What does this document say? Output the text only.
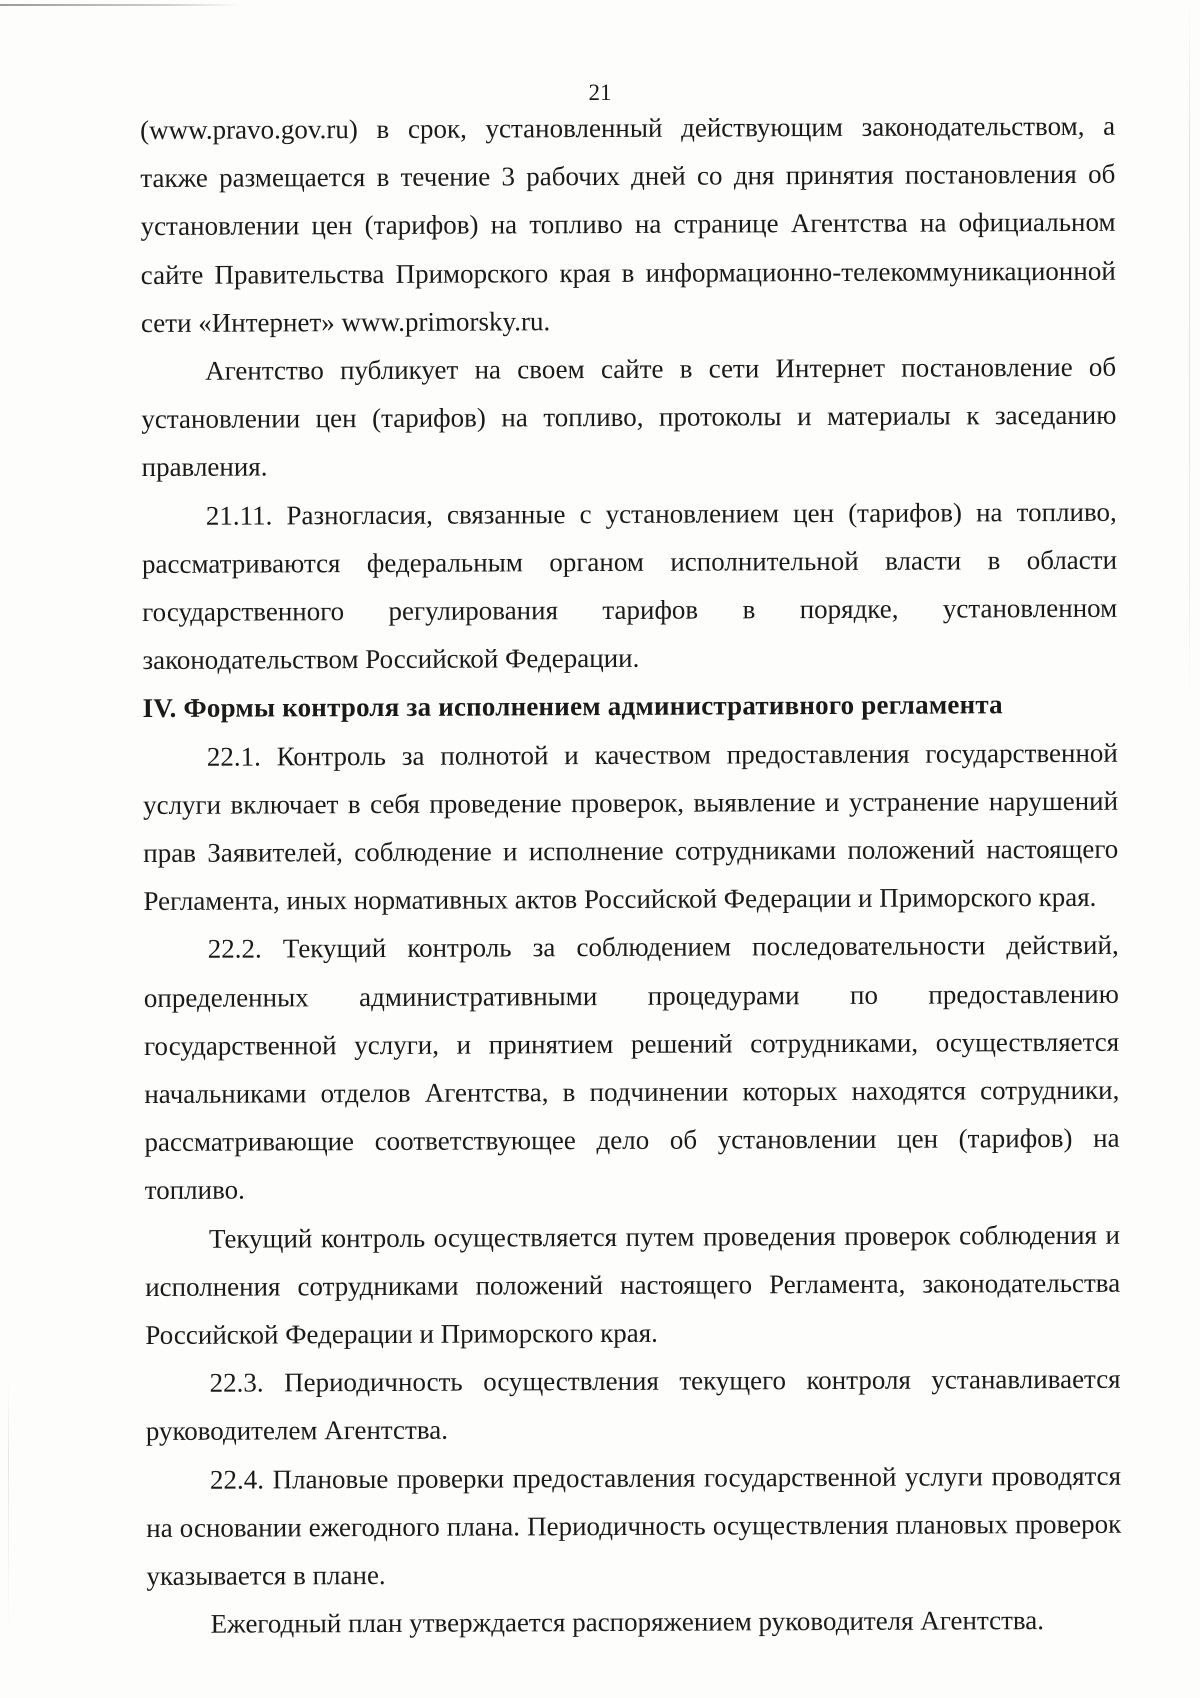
21

(www.pravo.gov.ru) в срок, установленный действующим законодательством, а также размещается в течение 3 рабочих дней со дня принятия постановления об установлении цен (тарифов) на топливо на странице Агентства на официальном сайте Правительства Приморского края в информационно-телекоммуникационной сети «Интернет» www.primorsky.ru.

Агентство публикует на своем сайте в сети Интернет постановление об установлении цен (тарифов) на топливо, протоколы и материалы к заседанию правления.

21.11. Разногласия, связанные с установлением цен (тарифов) на топливо, рассматриваются федеральным органом исполнительной власти в области государственного регулирования тарифов в порядке, установленном законодательством Российской Федерации.

IV. Формы контроля за исполнением административного регламента

22.1. Контроль за полнотой и качеством предоставления государственной услуги включает в себя проведение проверок, выявление и устранение нарушений прав Заявителей, соблюдение и исполнение сотрудниками положений настоящего Регламента, иных нормативных актов Российской Федерации и Приморского края.

22.2. Текущий контроль за соблюдением последовательности действий, определенных административными процедурами по предоставлению государственной услуги, и принятием решений сотрудниками, осуществляется начальниками отделов Агентства, в подчинении которых находятся сотрудники, рассматривающие соответствующее дело об установлении цен (тарифов) на топливо.

Текущий контроль осуществляется путем проведения проверок соблюдения и исполнения сотрудниками положений настоящего Регламента, законодательства Российской Федерации и Приморского края.

22.3. Периодичность осуществления текущего контроля устанавливается руководителем Агентства.

22.4. Плановые проверки предоставления государственной услуги проводятся на основании ежегодного плана. Периодичность осуществления плановых проверок указывается в плане.

Ежегодный план утверждается распоряжением руководителя Агентства.
